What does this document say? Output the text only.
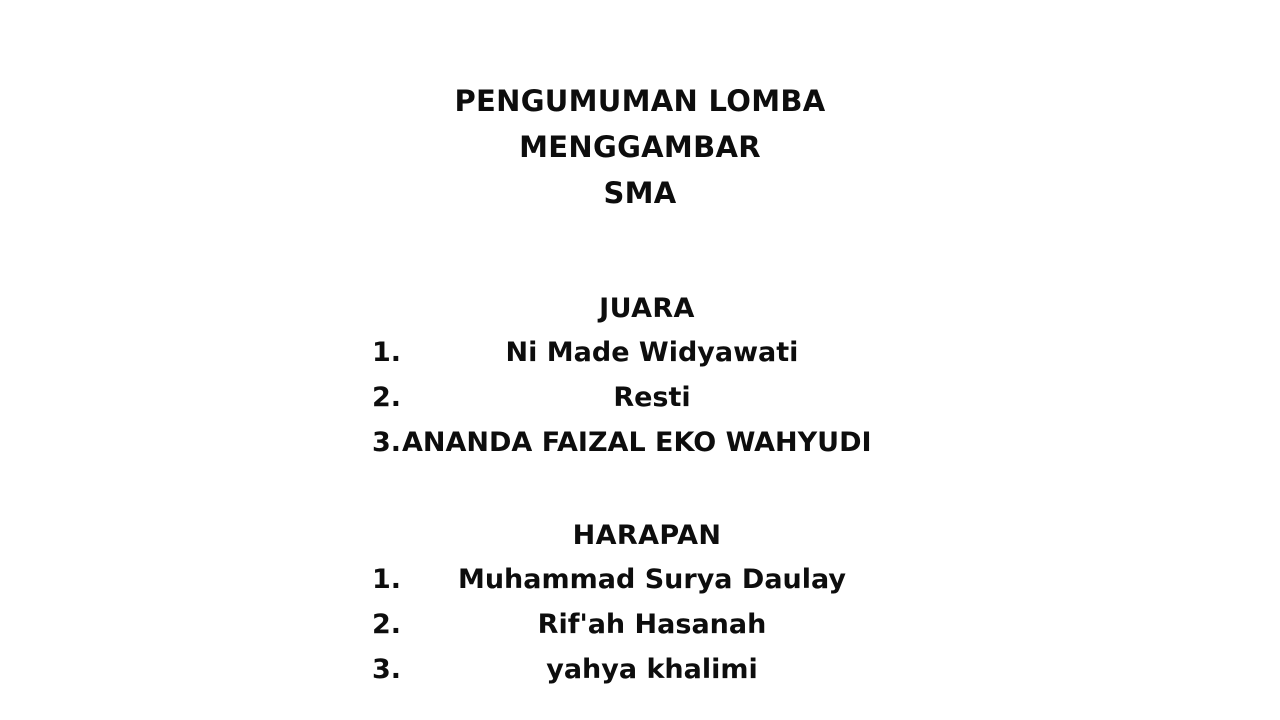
PENGUMUMAN LOMBA
MENGGAMBAR
SMA
JUARA
1.	Ni Made Widyawati
2.	Resti
3. ANANDA FAIZAL EKO WAHYUDI
HARAPAN
1.	Muhammad Surya Daulay
2.	Rif'ah Hasanah
3.	yahya khalimi
